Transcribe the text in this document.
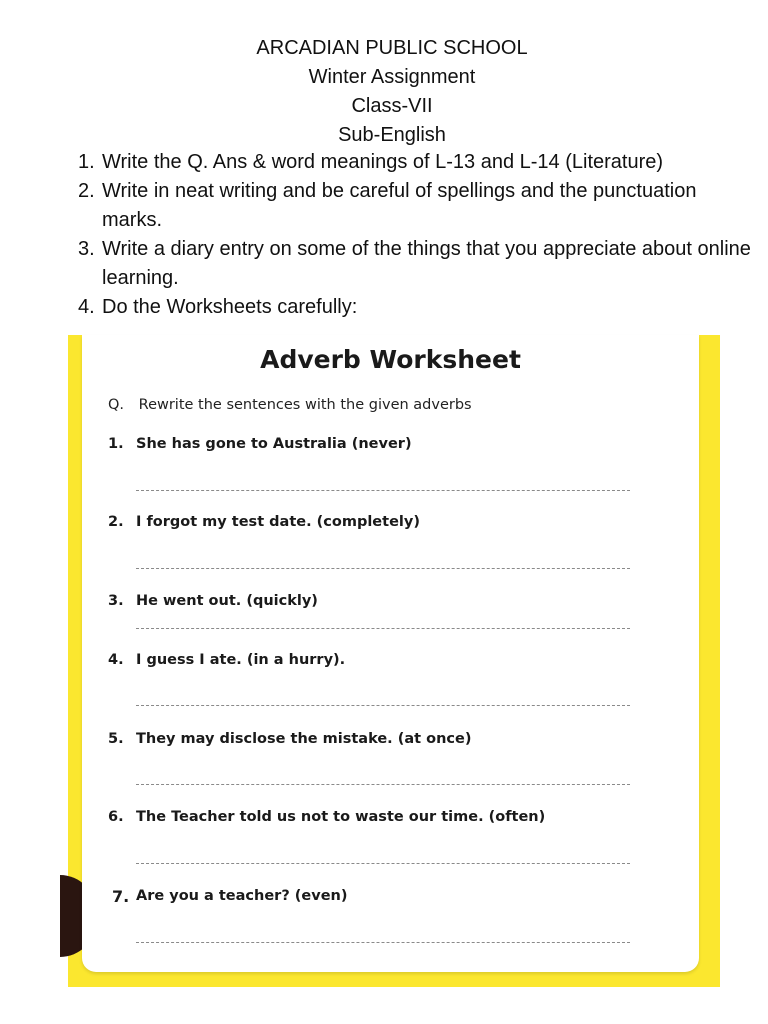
ARCADIAN PUBLIC SCHOOL
Winter Assignment
Class-VII
Sub-English
1. Write the Q. Ans & word meanings of L-13 and L-14 (Literature)
2. Write in neat writing and be careful of spellings and the punctuation marks.
3. Write a diary entry on some of the things that you appreciate about online learning.
4. Do the Worksheets carefully:
Adverb Worksheet
Q. Rewrite the sentences with the given adverbs
1. She has gone to Australia (never)
2. I forgot my test date. (completely)
3. He went out. (quickly)
4. I guess I ate. (in a hurry).
5. They may disclose the mistake. (at once)
6. The Teacher told us not to waste our time. (often)
7. Are you a teacher? (even)
